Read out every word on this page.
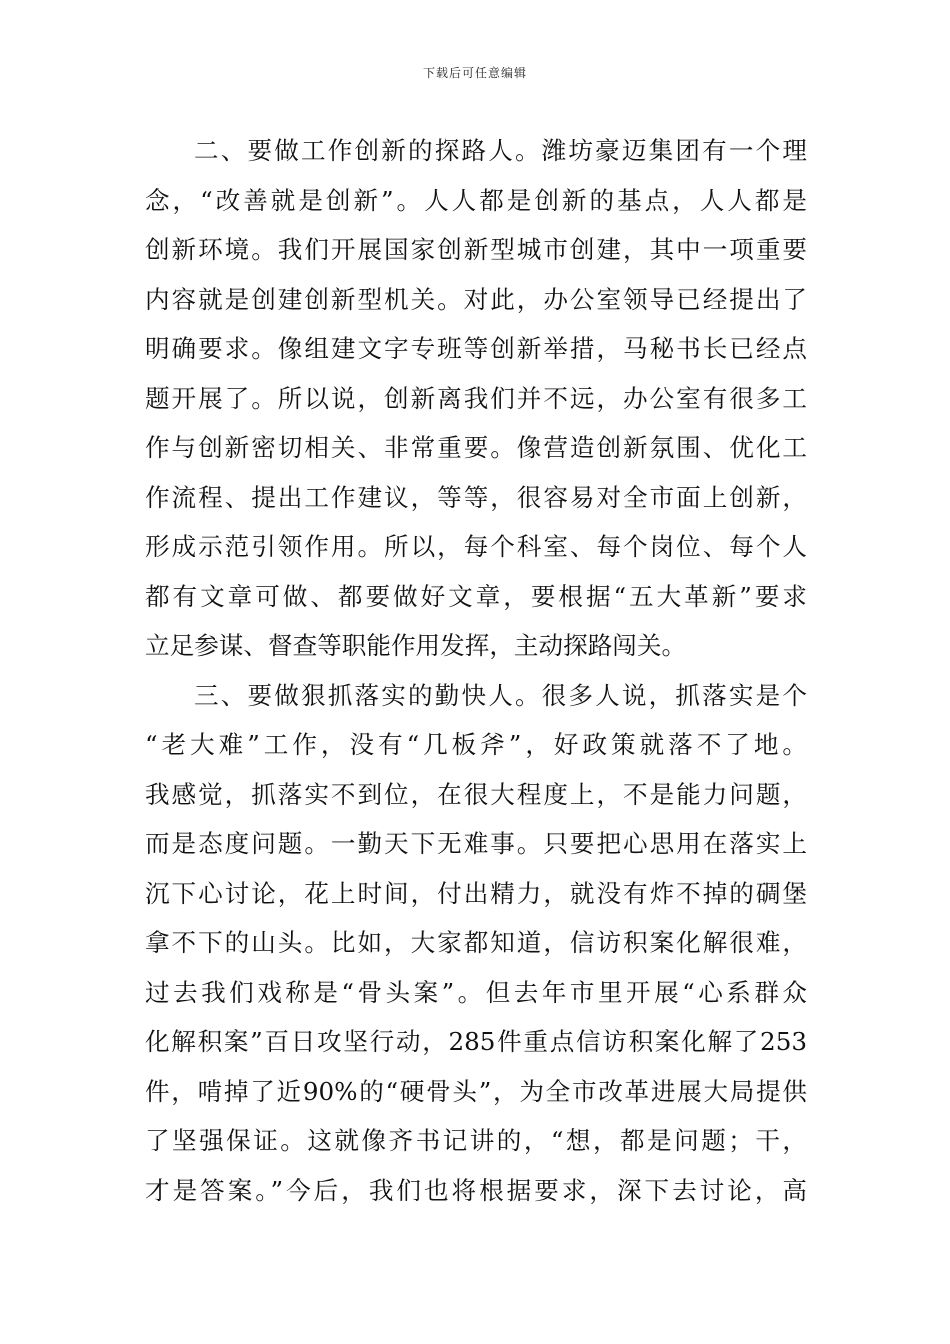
下载后可任意编辑
二、要做工作创新的探路人。潍坊豪迈集团有一个理
念，“改善就是创新”。人人都是创新的基点，人人都是
创新环境。我们开展国家创新型城市创建，其中一项重要
内容就是创建创新型机关。对此，办公室领导已经提出了
明确要求。像组建文字专班等创新举措，马秘书长已经点
题开展了。所以说，创新离我们并不远，办公室有很多工
作与创新密切相关、非常重要。像营造创新氛围、优化工
作流程、提出工作建议，等等，很容易对全市面上创新，
形成示范引领作用。所以，每个科室、每个岗位、每个人
都有文章可做、都要做好文章，要根据“五大革新”要求
立足参谋、督查等职能作用发挥，主动探路闯关。
三、要做狠抓落实的勤快人。很多人说，抓落实是个
“老大难”工作，没有“几板斧”，好政策就落不了地。
我感觉，抓落实不到位，在很大程度上，不是能力问题，
而是态度问题。一勤天下无难事。只要把心思用在落实上
沉下心讨论，花上时间，付出精力，就没有炸不掉的碉堡
拿不下的山头。比如，大家都知道，信访积案化解很难，
过去我们戏称是“骨头案”。但去年市里开展“心系群众
化解积案”百日攻坚行动，285件重点信访积案化解了253
件，啃掉了近90%的“硬骨头”，为全市改革进展大局提供
了坚强保证。这就像齐书记讲的，“想，都是问题；干，
才是答案。”今后，我们也将根据要求，深下去讨论，高
